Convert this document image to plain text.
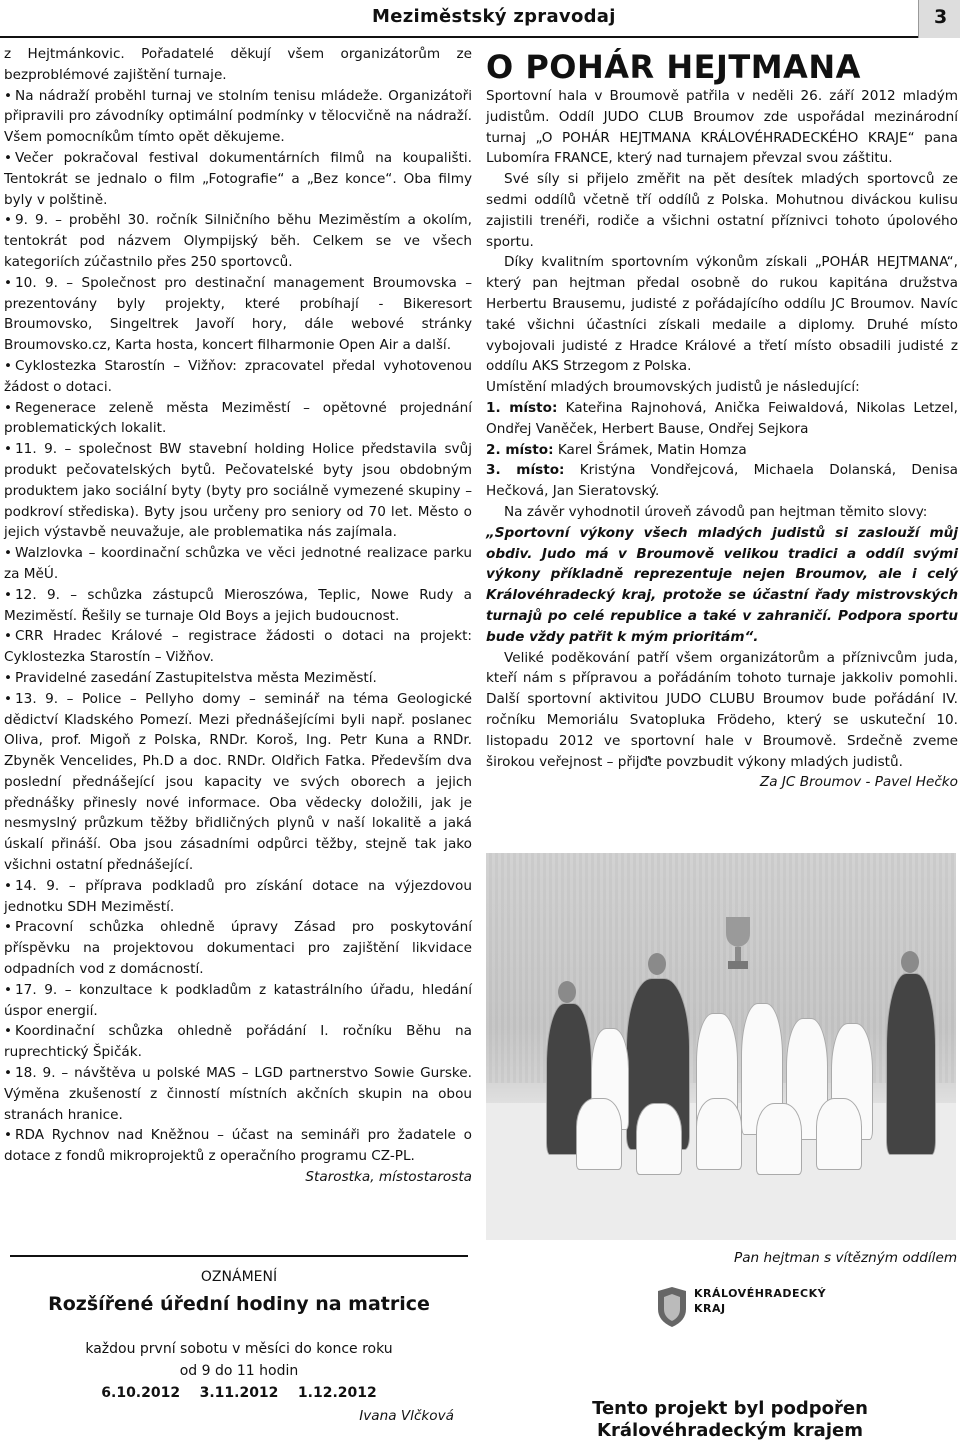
Meziměstský zpravodaj	3

z Hejtmánkovic. Pořadatelé děkují všem organizátorům ze bezproblémové zajištění turnaje.

• Na nádraží proběhl turnaj ve stolním tenisu mládeže. Organizátoři připravili pro závodníky optimální podmínky v tělocvičně na nádraží. Všem pomocníkům tímto opět děkujeme.

• Večer pokračoval festival dokumentárních filmů na koupališti. Tentokrát se jednalo o film „Fotografie“ a „Bez konce“. Oba filmy byly v polštině.

• 9. 9. – proběhl 30. ročník Silničního běhu Meziměstím a okolím, tentokrát pod názvem Olympijský běh. Celkem se ve všech kategoriích zúčastnilo přes 250 sportovců.

• 10. 9. – Společnost pro destinační management Broumovska – prezentovány byly projekty, které probíhají - Bikeresort Broumovsko, Singeltrek Javoří hory, dále webové stránky Broumovsko.cz, Karta hosta, koncert filharmonie Open Air a další.

• Cyklostezka Starostín – Vižňov: zpracovatel předal vyhotovenou žádost o dotaci.

• Regenerace zeleně města Meziměstí – opětovné projednání problematických lokalit.

• 11. 9. – společnost BW stavební holding Holice představila svůj produkt pečovatelských bytů. Pečovatelské byty jsou obdobným produktem jako sociální byty (byty pro sociálně vymezené skupiny – podkroví střediska). Byty jsou určeny pro seniory od 70 let. Město o jejich výstavbě neuvažuje, ale problematika nás zajímala.

• Walzlovka – koordinační schůzka ve věci jednotné realizace parku za MěÚ.

• 12. 9. – schůzka zástupců Mieroszówa, Teplic, Nowe Rudy a Meziměstí. Řešily se turnaje Old Boys a jejich budoucnost.

• CRR Hradec Králové – registrace žádosti o dotaci na projekt: Cyklostezka Starostín – Vižňov.

• Pravidelné zasedání Zastupitelstva města Meziměstí.

• 13. 9. – Police – Pellyho domy – seminář na téma Geologické dědictví Kladského Pomezí. Mezi přednášejícími byli např. poslanec Oliva, prof. Migoň z Polska, RNDr. Koroš, Ing. Petr Kuna a RNDr. Zbyněk Vencelides, Ph.D a doc. RNDr. Oldřich Fatka. Především dva poslední přednášející jsou kapacity ve svých oborech a jejich přednášky přinesly nové informace. Oba vědecky doložili, jak je nesmyslný průzkum těžby břidličných plynů v naší lokalitě a jaká úskalí přináší. Oba jsou zásadními odpůrci těžby, stejně tak jako všichni ostatní přednášející.

• 14. 9. – příprava podkladů pro získání dotace na výjezdovou jednotku SDH Meziměstí.

• Pracovní schůzka ohledně úpravy Zásad pro poskytování příspěvku na projektovou dokumentaci pro zajištění likvidace odpadních vod z domácností.

• 17. 9. – konzultace k podkladům z katastrálního úřadu, hledání úspor energií.

• Koordinační schůzka ohledně pořádání I. ročníku Běhu na ruprechtický Špičák.

• 18. 9. – návštěva u polské MAS – LGD partnerstvo Sowie Gurske. Výměna zkušeností z činností místních akčních skupin na obou stranách hranice.

• RDA Rychnov nad Kněžnou – účast na semináři pro žadatele o dotace z fondů mikroprojektů z operačního programu CZ-PL.

Starostka, místostarosta

OZNÁMENÍ
Rozšířené úřední hodiny na matrice
každou první sobotu v měsíci do konce roku
od 9 do 11 hodin
6.10.2012    3.11.2012    1.12.2012
Ivana Vlčková
O POHÁR HEJTMANA

Sportovní hala v Broumově patřila v neděli 26. září 2012 mladým judistům. Oddíl JUDO CLUB Broumov zde uspořádal mezinárodní turnaj „O POHÁR HEJTMANA KRÁLOVÉHRADECKÉHO KRAJE“ pana Lubomíra FRANCE, který nad turnajem převzal svou záštitu.

Své síly si přijelo změřit na pět desítek mladých sportovců ze sedmi oddílů včetně tří oddílů z Polska. Mohutnou diváckou kulisu zajistili trenéři, rodiče a všichni ostatní příznivci tohoto úpolového sportu.

Díky kvalitním sportovním výkonům získali „POHÁR HEJTMANA“, který pan hejtman předal osobně do rukou kapitána družstva Herbertu Brausemu, judisté z pořádajícího oddílu JC Broumov. Navíc také všichni účastníci získali medaile a diplomy. Druhé místo vybojovali judisté z Hradce Králové a třetí místo obsadili judisté z oddílu AKS Strzegom z Polska.

Umístění mladých broumovských judistů je následující:

1. místo: Kateřina Rajnohová, Anička Feiwaldová, Nikolas Letzel, Ondřej Vaněček, Herbert Bause, Ondřej Sejkora

2. místo: Karel Šrámek, Matin Homza

3. místo: Kristýna Vondřejcová, Michaela Dolanská, Denisa Hečková, Jan Sieratovský.

Na závěr vyhodnotil úroveň závodů pan hejtman těmito slovy:

„Sportovní výkony všech mladých judistů si zaslouží můj obdiv. Judo má v Broumově velikou tradici a oddíl svými výkony příkladně reprezentuje nejen Broumov, ale i celý Královéhradecký kraj, protože se účastní řady mistrovských turnajů po celé republice a také v zahraničí. Podpora sportu bude vždy patřit k mým prioritám“.

Veliké poděkování patří všem organizátorům a příznivcům juda, kteří nám s přípravou a pořádáním tohoto turnaje jakkoliv pomohli. Další sportovní aktivitou JUDO CLUBU Broumov bude pořádání IV. ročníku Memoriálu Svatopluka Frödeho, který se uskuteční 10. listopadu 2012 ve sportovní hale v Broumově. Srdečně zveme širokou veřejnost – přijďte povzbudit výkony mladých judistů.

Za JC Broumov - Pavel Hečko

Pan hejtman s vítězným oddílem
KRÁLOVÉHRADECKÝ
KRAJ
Tento projekt byl podpořen
Královéhradeckým krajem
